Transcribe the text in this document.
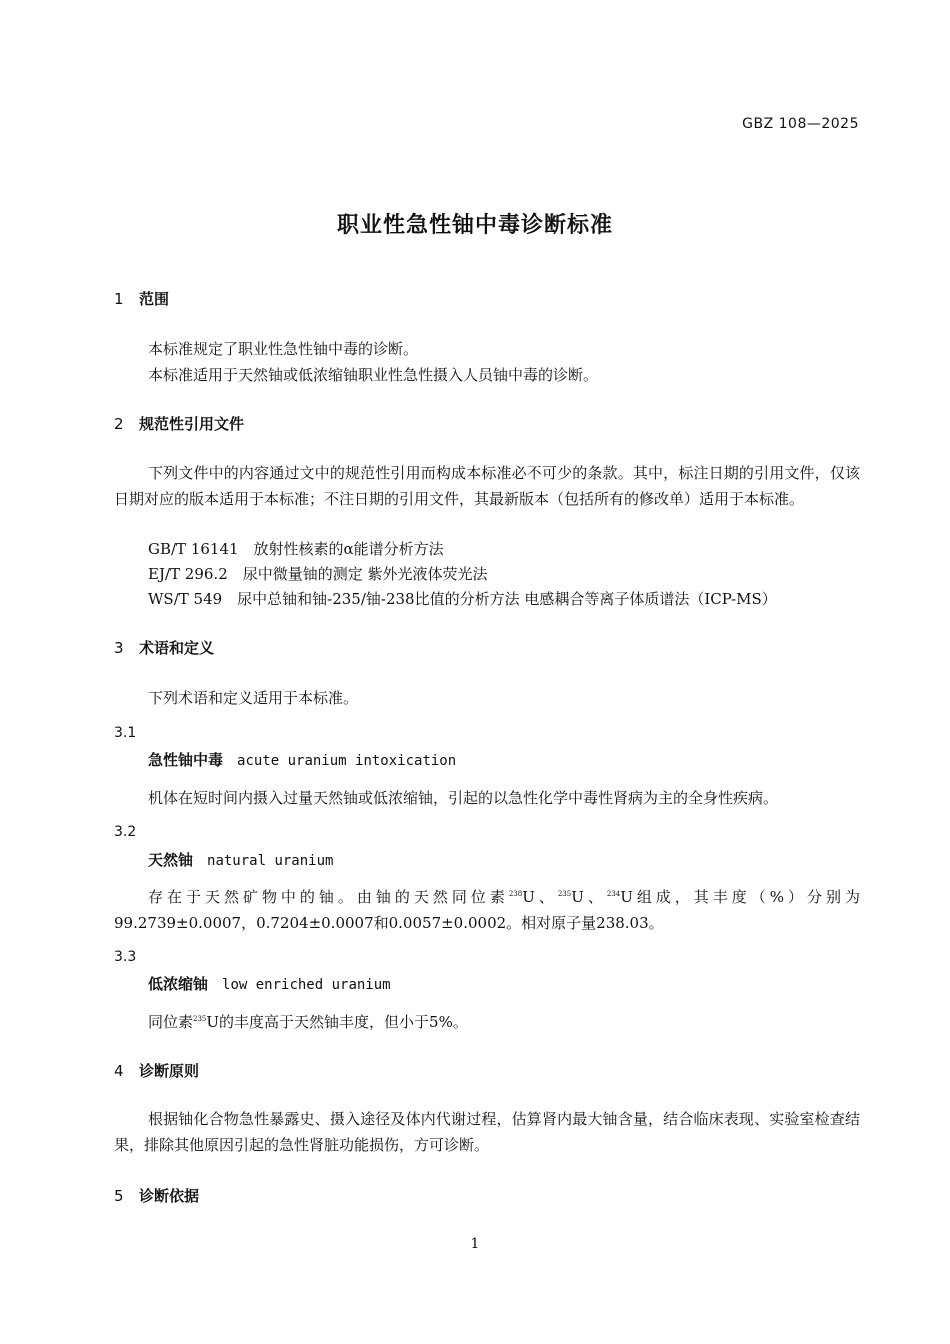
GBZ 108—2025
职业性急性铀中毒诊断标准
1 范围
本标准规定了职业性急性铀中毒的诊断。
本标准适用于天然铀或低浓缩铀职业性急性摄入人员铀中毒的诊断。
2 规范性引用文件
下列文件中的内容通过文中的规范性引用而构成本标准必不可少的条款。其中，标注日期的引用文件，仅该日期对应的版本适用于本标准；不注日期的引用文件，其最新版本（包括所有的修改单）适用于本标准。
GB/T 16141　放射性核素的α能谱分析方法
EJ/T 296.2　尿中微量铀的测定 紫外光液体荧光法
WS/T 549　尿中总铀和铀-235/铀-238比值的分析方法 电感耦合等离子体质谱法（ICP-MS）
3 术语和定义
下列术语和定义适用于本标准。
3.1
急性铀中毒 acute uranium intoxication
机体在短时间内摄入过量天然铀或低浓缩铀，引起的以急性化学中毒性肾病为主的全身性疾病。
3.2
天然铀 natural uranium
存在于天然矿物中的铀。由铀的天然同位素$^{238}$U、$^{235}$U、$^{234}$U组成，其丰度（%）分别为99.2739±0.0007，0.7204±0.0007和0.0057±0.0002。相对原子量238.03。
3.3
低浓缩铀 low enriched uranium
同位素$^{235}$U的丰度高于天然铀丰度，但小于5%。
4 诊断原则
根据铀化合物急性暴露史、摄入途径及体内代谢过程，估算肾内最大铀含量，结合临床表现、实验室检查结果，排除其他原因引起的急性肾脏功能损伤，方可诊断。
5 诊断依据
1
